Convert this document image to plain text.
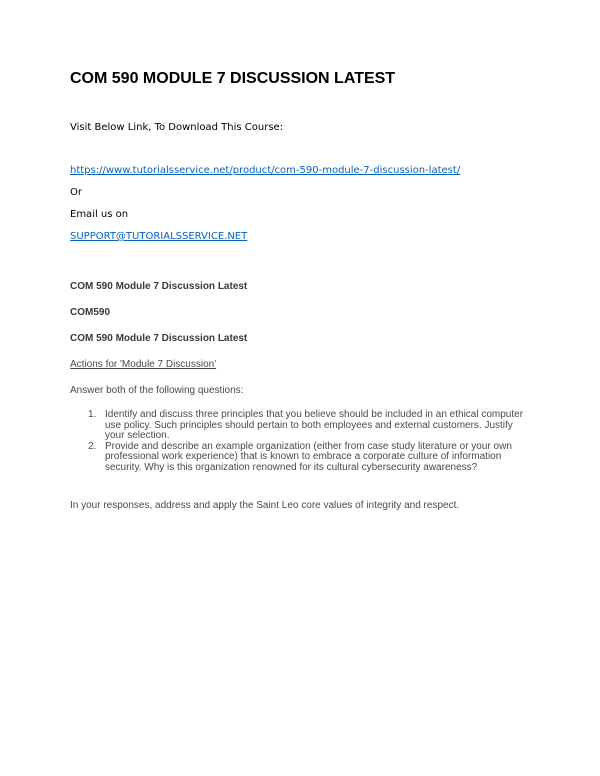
COM 590 MODULE 7 DISCUSSION LATEST

Visit Below Link, To Download This Course:

https://www.tutorialsservice.net/product/com-590-module-7-discussion-latest/

Or

Email us on

SUPPORT@TUTORIALSSERVICE.NET

COM 590 Module 7 Discussion Latest

COM590

COM 590 Module 7 Discussion Latest

Actions for 'Module 7 Discussion'

Answer both of the following questions:

1. Identify and discuss three principles that you believe should be included in an ethical computer use policy. Such principles should pertain to both employees and external customers. Justify your selection.
2. Provide and describe an example organization (either from case study literature or your own professional work experience) that is known to embrace a corporate culture of information security. Why is this organization renowned for its cultural cybersecurity awareness?

In your responses, address and apply the Saint Leo core values of integrity and respect.
